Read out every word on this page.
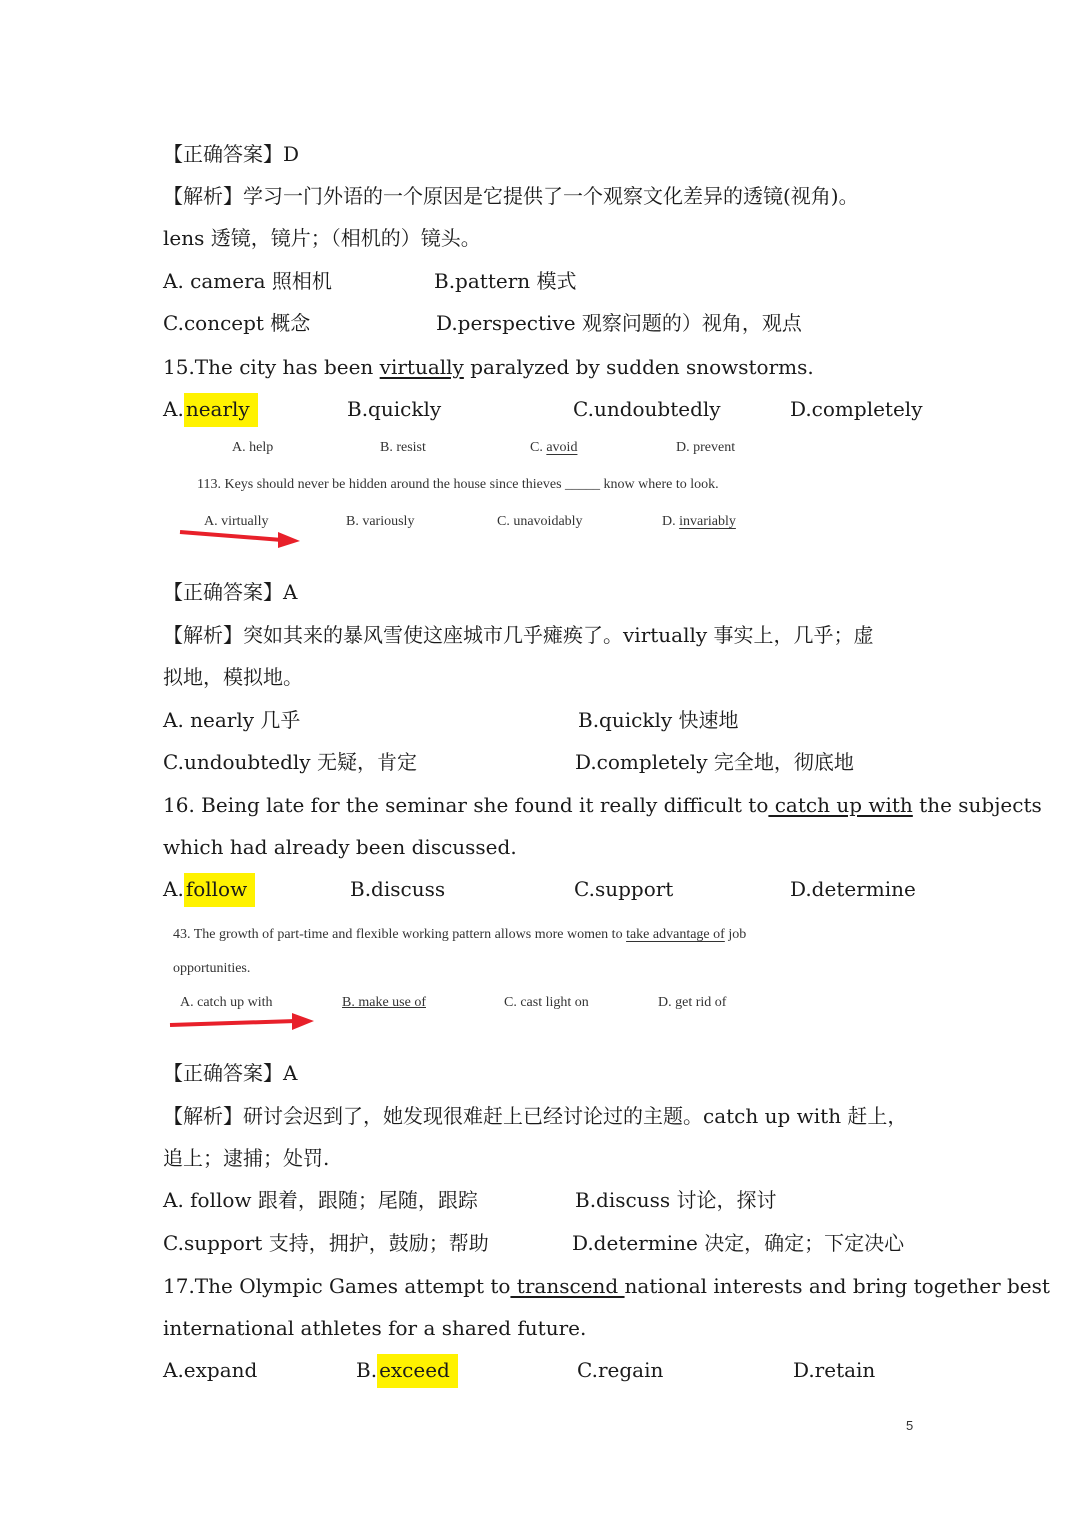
【正确答案】D
【解析】学习一门外语的一个原因是它提供了一个观察文化差异的透镜(视角)。
lens 透镜，镜片；（相机的）镜头。
A. camera 照相机	B.pattern 模式
C.concept 概念	D.perspective 观察问题的）视角，观点
15.The city has been virtually paralyzed by sudden snowstorms.
A. nearly	B.quickly	C.undoubtedly	D.completely
A. help	B. resist	C. avoid	D. prevent
113. Keys should never be hidden around the house since thieves _____ know where to look.
A. virtually	B. variously	C. unavoidably	D. invariably
【正确答案】A
【解析】突如其来的暴风雪使这座城市几乎瘫痪了。virtually 事实上，几乎；虚
拟地，模拟地。
A. nearly 几乎	B.quickly 快速地
C.undoubtedly 无疑，肯定	D.completely 完全地，彻底地
16. Being late for the seminar she found it really difficult to catch up with the subjects
which had already been discussed.
A. follow	B.discuss	C.support	D.determine
43. The growth of part-time and flexible working pattern allows more women to take advantage of job
opportunities.
A. catch up with	B. make use of	C. cast light on	D. get rid of
【正确答案】A
【解析】研讨会迟到了，她发现很难赶上已经讨论过的主题。catch up with 赶上，
追上；逮捕；处罚.
A. follow 跟着，跟随；尾随，跟踪	B.discuss 讨论，探讨
C.support 支持，拥护，鼓励；帮助	D.determine 决定，确定；下定决心
17.The Olympic Games attempt to transcend national interests and bring together best
international athletes for a shared future.
A.expand	B. exceed	C.regain	D.retain
5
